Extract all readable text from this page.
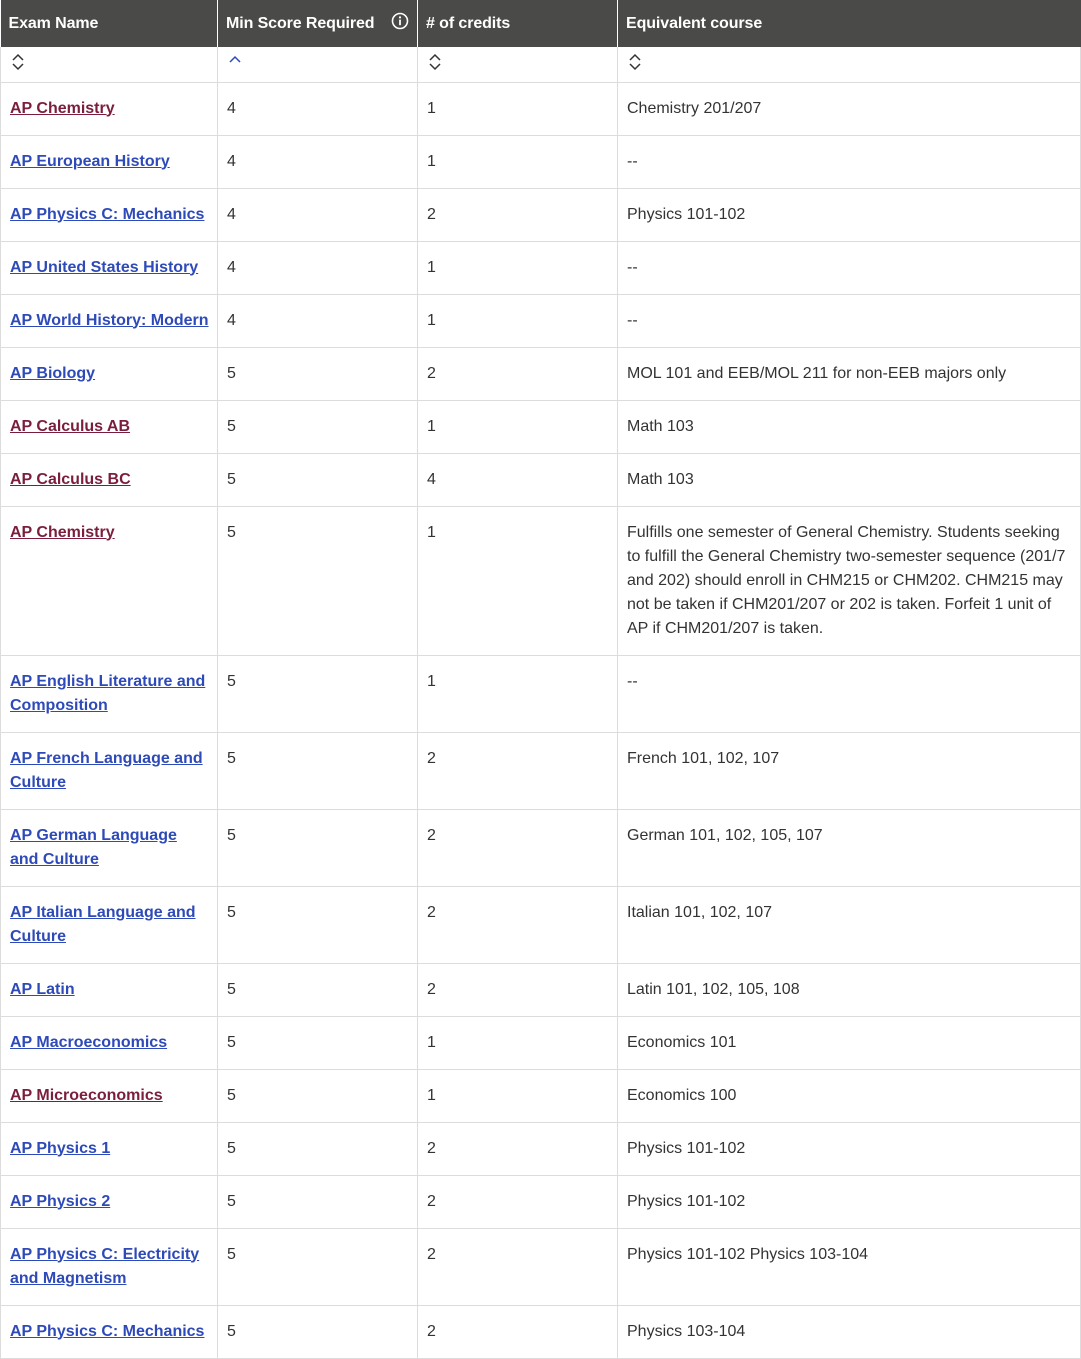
Exam Name	Min Score Required	# of credits	Equivalent course

AP Chemistry	4	1	Chemistry 201/207
AP European History	4	1	--
AP Physics C: Mechanics	4	2	Physics 101-102
AP United States History	4	1	--
AP World History: Modern	4	1	--
AP Biology	5	2	MOL 101 and EEB/MOL 211 for non-EEB majors only
AP Calculus AB	5	1	Math 103
AP Calculus BC	5	4	Math 103
AP Chemistry	5	1	Fulfills one semester of General Chemistry. Students seeking to fulfill the General Chemistry two-semester sequence (201/7 and 202) should enroll in CHM215 or CHM202. CHM215 may not be taken if CHM201/207 or 202 is taken. Forfeit 1 unit of AP if CHM201/207 is taken.
AP English Literature and Composition	5	1	--
AP French Language and Culture	5	2	French 101, 102, 107
AP German Language and Culture	5	2	German 101, 102, 105, 107
AP Italian Language and Culture	5	2	Italian 101, 102, 107
AP Latin	5	2	Latin 101, 102, 105, 108
AP Macroeconomics	5	1	Economics 101
AP Microeconomics	5	1	Economics 100
AP Physics 1	5	2	Physics 101-102
AP Physics 2	5	2	Physics 101-102
AP Physics C: Electricity and Magnetism	5	2	Physics 101-102 Physics 103-104
AP Physics C: Mechanics	5	2	Physics 103-104
